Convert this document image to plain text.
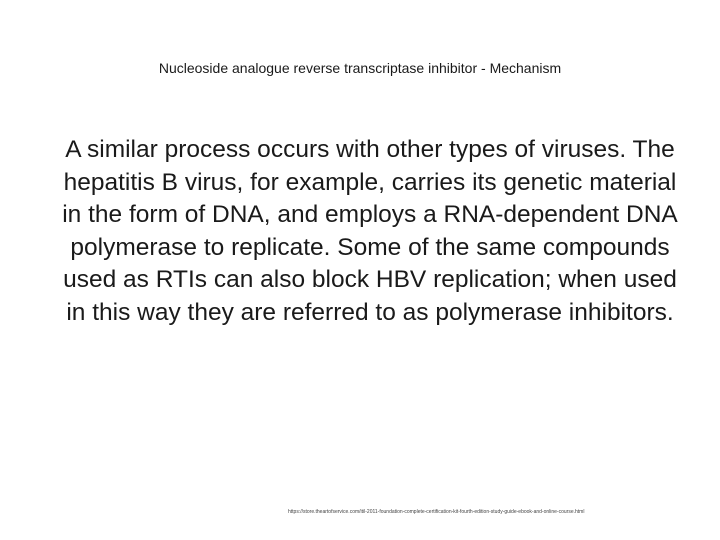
Nucleoside analogue reverse transcriptase inhibitor - Mechanism
A similar process occurs with other types of viruses. The hepatitis B virus, for example, carries its genetic material in the form of DNA, and employs a RNA-dependent DNA polymerase to replicate. Some of the same compounds used as RTIs can also block HBV replication; when used in this way they are referred to as polymerase inhibitors.
https://store.theartofservice.com/itil-2011-foundation-complete-certification-kit-fourth-edition-study-guide-ebook-and-online-course.html
